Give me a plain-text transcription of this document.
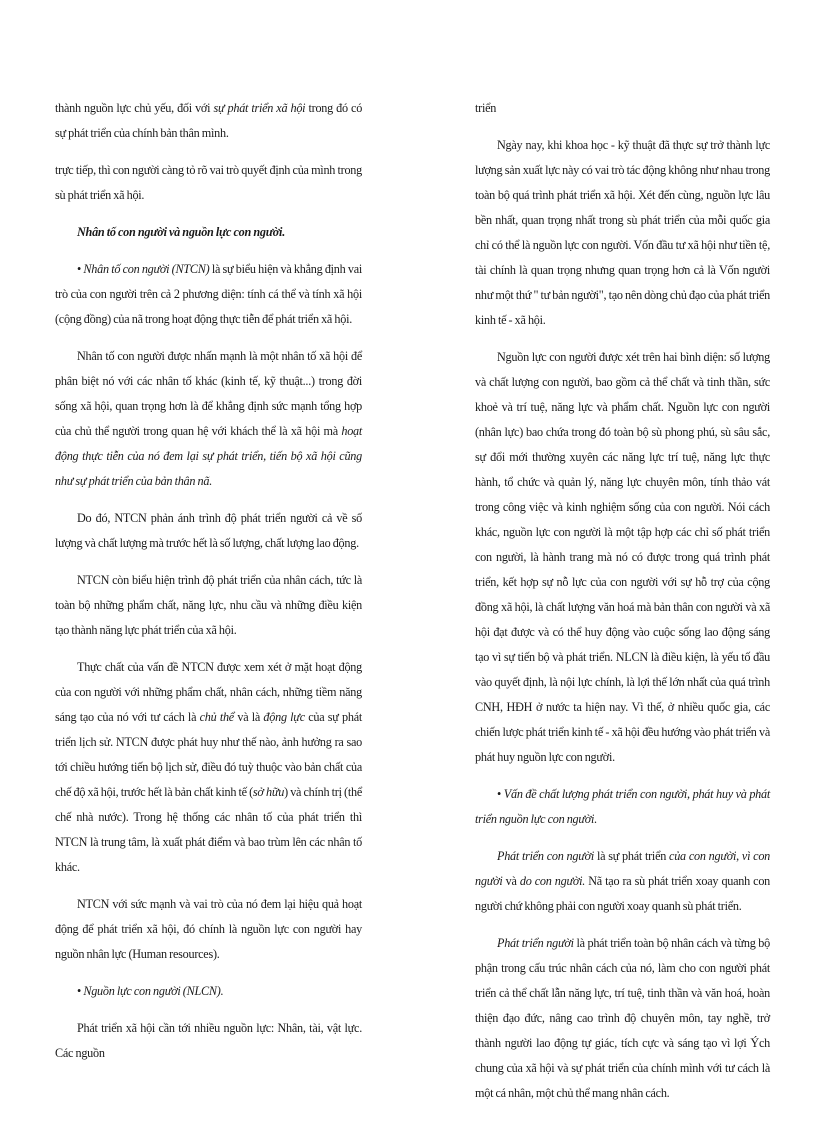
thành nguồn lực chủ yếu, đối với sự phát triển xã hội trong đó có sự phát triển của chính bản thân mình.

trực tiếp, thì con người càng tỏ rõ vai trò quyết định của mình trong sù phát triển xã hội.

Nhân tố con người và nguồn lực con người.

• Nhân tố con người (NTCN) là sự biểu hiện và khẳng định vai trò của con người trên cả 2 phương diện: tính cá thể và tính xã hội (cộng đồng) của nã trong hoạt động thực tiễn để phát triển xã hội.

Nhân tố con người được nhấn mạnh là một nhân tố xã hội để phân biệt nó với các nhân tố khác (kinh tế, kỹ thuật...) trong đời sống xã hội, quan trọng hơn là để khẳng định sức mạnh tổng hợp của chủ thể người trong quan hệ với khách thể là xã hội mà hoạt động thực tiễn của nó đem lại sự phát triển, tiến bộ xã hội cũng như sự phát triển của bản thân nã.

Do đó, NTCN phản ánh trình độ phát triển người cả về số lượng và chất lượng mà trước hết là số lượng, chất lượng lao động.

NTCN còn biểu hiện trình độ phát triển của nhân cách, tức là toàn bộ những phẩm chất, năng lực, nhu cầu và những điều kiện tạo thành năng lực phát triển của xã hội.

Thực chất của vấn đề NTCN được xem xét ở mặt hoạt động của con người với những phẩm chất, nhân cách, những tiềm năng sáng tạo của nó với tư cách là chủ thể và là động lực của sự phát triển lịch sử. NTCN được phát huy như thế nào, ảnh hưởng ra sao tới chiều hướng tiến bộ lịch sử, điều đó tuỳ thuộc vào bản chất của chế độ xã hội, trước hết là bản chất kinh tế (sở hữu) và chính trị (thể chế nhà nước). Trong hệ thống các nhân tố của phát triển thì NTCN là trung tâm, là xuất phát điểm và bao trùm lên các nhân tố khác.

NTCN với sức mạnh và vai trò của nó đem lại hiệu quả hoạt động để phát triển xã hội, đó chính là nguồn lực con người hay nguồn nhân lực (Human resources).

• Nguồn lực con người (NLCN).

Phát triển xã hội cần tới nhiều nguồn lực: Nhân, tài, vật lực. Các nguồn

triển

Ngày nay, khi khoa học - kỹ thuật đã thực sự trở thành lực lượng sản xuất lực này có vai trò tác động không như nhau trong toàn bộ quá trình phát triển xã hội. Xét đến cùng, nguồn lực lâu bền nhất, quan trọng nhất trong sù phát triển của mỗi quốc gia chỉ có thể là nguồn lực con người. Vốn đầu tư xã hội như tiền tệ, tài chính là quan trọng nhưng quan trọng hơn cả là Vốn người như một thứ " tư bản người", tạo nên dòng chủ đạo của phát triển kinh tế - xã hội.

Nguồn lực con người được xét trên hai bình diện: số lượng và chất lượng con người, bao gồm cả thể chất và tinh thần, sức khoẻ và trí tuệ, năng lực và phẩm chất. Nguồn lực con người (nhân lực) bao chứa trong đó toàn bộ sù phong phú, sù sâu sắc, sự đổi mới thường xuyên các năng lực trí tuệ, năng lực thực hành, tổ chức và quản lý, năng lực chuyên môn, tính thảo vát trong công việc và kinh nghiệm sống của con người. Nói cách khác, nguồn lực con người là một tập hợp các chỉ số phát triển con người, là hành trang mà nó có được trong quá trình phát triển, kết hợp sự nỗ lực của con người với sự hỗ trợ của cộng đồng xã hội, là chất lượng văn hoá mà bản thân con người và xã hội đạt được và có thể huy động vào cuộc sống lao động sáng tạo vì sự tiến bộ và phát triển. NLCN là điều kiện, là yếu tố đầu vào quyết định, là nội lực chính, là lợi thế lớn nhất của quá trình CNH, HĐH ở nước ta hiện nay. Vì thế, ở nhiều quốc gia, các chiến lược phát triển kinh tế - xã hội đều hướng vào phát triển và phát huy nguồn lực con người.

• Vấn đề chất lượng phát triển con người, phát huy và phát triển nguồn lực con người.

Phát triển con người là sự phát triển của con người, vì con người và do con người. Nã tạo ra sù phát triển xoay quanh con người chứ không phải con người xoay quanh sù phát triển.

Phát triển người là phát triển toàn bộ nhân cách và từng bộ phận trong cấu trúc nhân cách của nó, làm cho con người phát triển cả thể chất lẫn năng lực, trí tuệ, tinh thần và văn hoá, hoàn thiện đạo đức, nâng cao trình độ chuyên môn, tay nghề, trở thành người lao động tự giác, tích cực và sáng tạo vì lợi Ých chung của xã hội và sự phát triển của chính mình với tư cách là một cá nhân, một chủ thể mang nhân cách.
